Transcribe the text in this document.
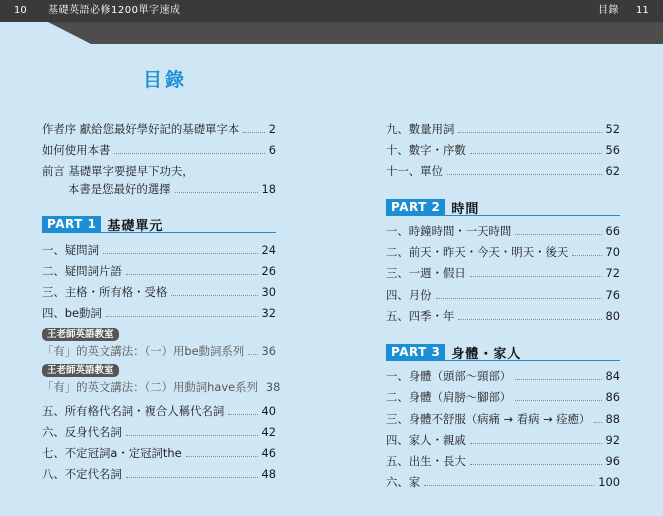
10 基礎英語必修1200單字速成	目錄 11
目錄
作者序 獻給您最好學好記的基礎單字本	2
如何使用本書	6
前言 基礎單字要提早下功夫，
本書是您最好的選擇	18
PART 1 基礎單元
一、疑問詞	24
二、疑問詞片語	26
三、主格・所有格・受格	30
四、be動詞	32
王老師英語教室
「有」的英文講法：（一）用be動詞系列 36
王老師英語教室
「有」的英文講法：（二）用動詞have系列 38
五、所有格代名詞・複合人稱代名詞	40
六、反身代名詞	42
七、不定冠詞a・定冠詞the	46
八、不定代名詞	48
九、數量用詞	52
十、數字・序數	56
十一、單位	62
PART 2 時間
一、時鐘時間・一天時間	66
二、前天・昨天・今天・明天・後天	70
三、一週・假日	72
四、月份	76
五、四季・年	80
PART 3 身體・家人
一、身體（頭部～頸部）	84
二、身體（肩膀～腳部）	86
三、身體不舒服（病痛 → 看病 → 痊癒） 88
四、家人・親戚	92
五、出生・長大	96
六、家	100
